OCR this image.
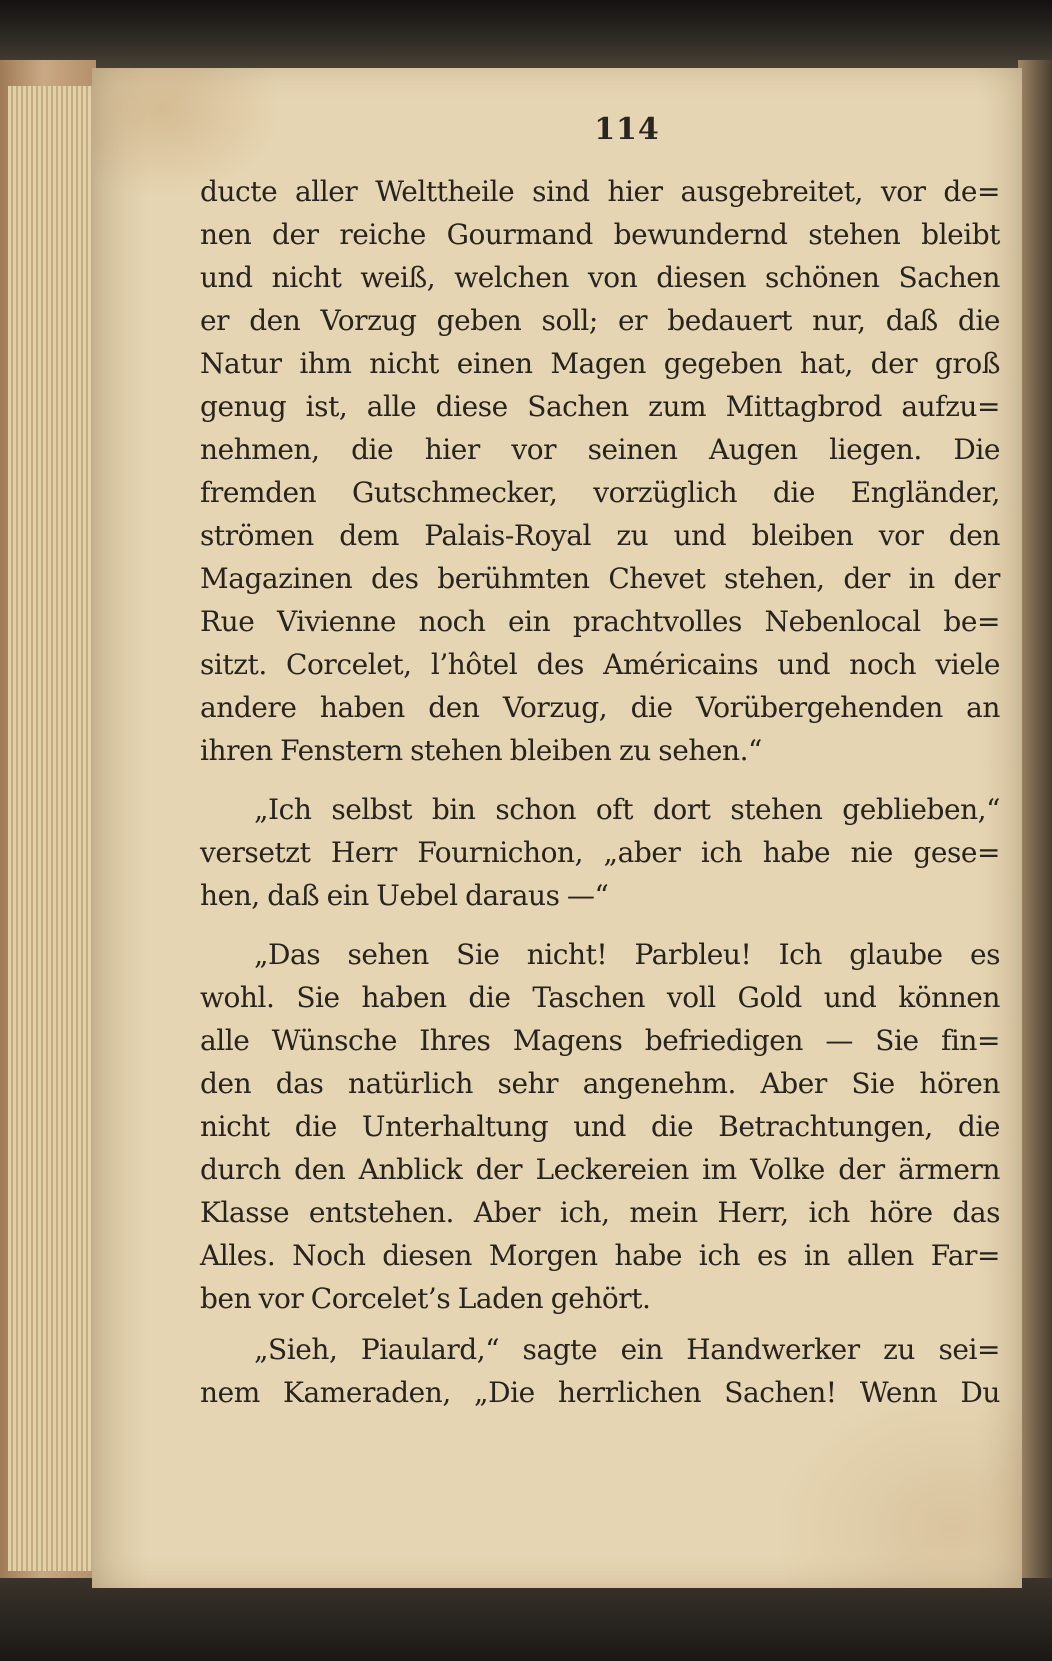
114
ducte aller Welttheile sind hier ausgebreitet, vor de=
nen der reiche Gourmand bewundernd stehen bleibt
und nicht weiß, welchen von diesen schönen Sachen
er den Vorzug geben soll; er bedauert nur, daß die
Natur ihm nicht einen Magen gegeben hat, der groß
genug ist, alle diese Sachen zum Mittagbrod aufzu=
nehmen, die hier vor seinen Augen liegen. Die
fremden Gutschmecker, vorzüglich die Engländer,
strömen dem Palais-Royal zu und bleiben vor den
Magazinen des berühmten Chevet stehen, der in der
Rue Vivienne noch ein prachtvolles Nebenlocal be=
sitzt. Corcelet, l’hôtel des Américains und noch viele
andere haben den Vorzug, die Vorübergehenden an
ihren Fenstern stehen bleiben zu sehen.“
„Ich selbst bin schon oft dort stehen geblieben,“
versetzt Herr Fournichon, „aber ich habe nie gese=
hen, daß ein Uebel daraus —“
„Das sehen Sie nicht! Parbleu! Ich glaube es
wohl. Sie haben die Taschen voll Gold und können
alle Wünsche Ihres Magens befriedigen — Sie fin=
den das natürlich sehr angenehm. Aber Sie hören
nicht die Unterhaltung und die Betrachtungen, die
durch den Anblick der Leckereien im Volke der ärmern
Klasse entstehen. Aber ich, mein Herr, ich höre das
Alles. Noch diesen Morgen habe ich es in allen Far=
ben vor Corcelet’s Laden gehört.
„Sieh, Piaulard,“ sagte ein Handwerker zu sei=
nem Kameraden, „Die herrlichen Sachen! Wenn Du
